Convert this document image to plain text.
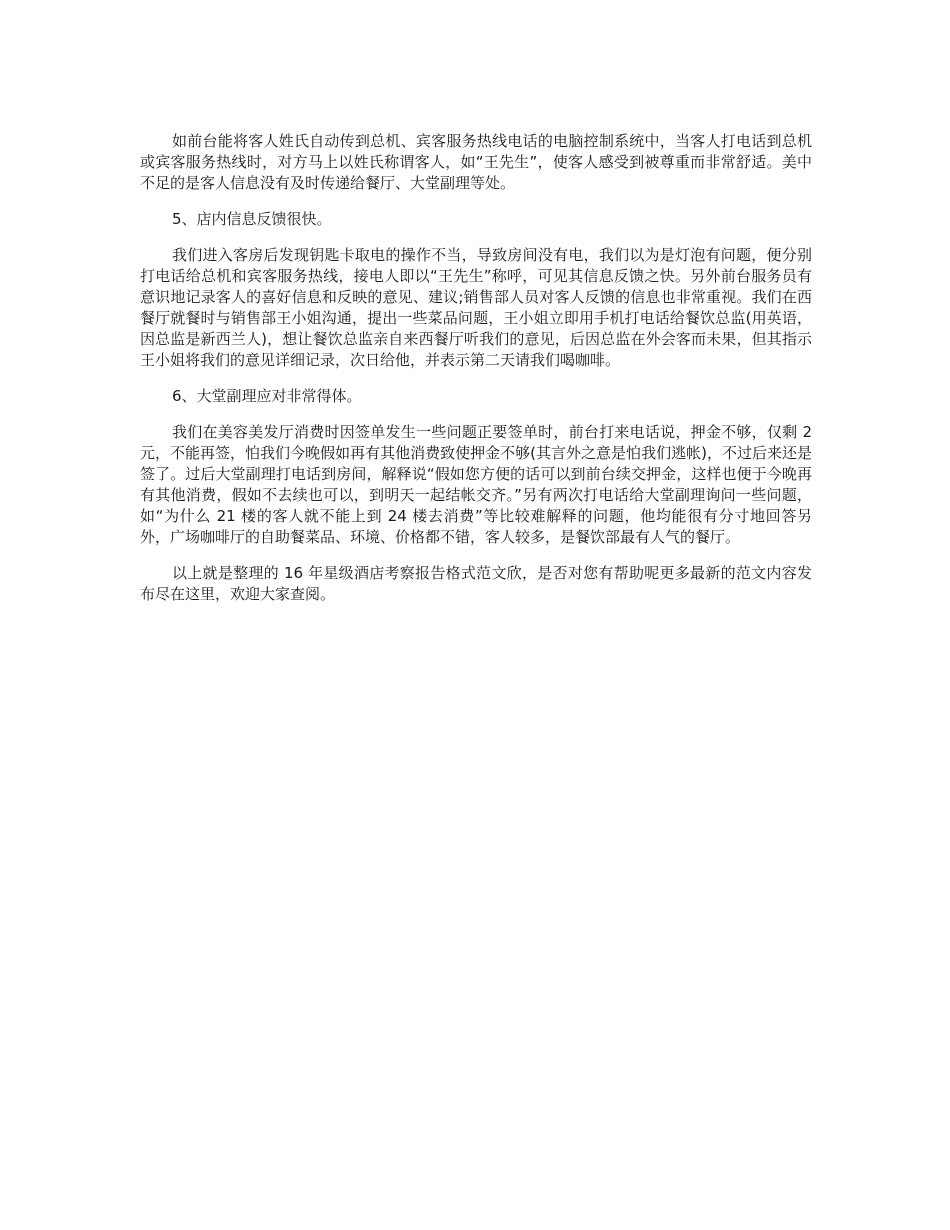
如前台能将客人姓氏自动传到总机、宾客服务热线电话的电脑控制系统中，当客人打电话到总机或宾客服务热线时，对方马上以姓氏称谓客人，如“王先生”，使客人感受到被尊重而非常舒适。美中不足的是客人信息没有及时传递给餐厅、大堂副理等处。

5、店内信息反馈很快。

我们进入客房后发现钥匙卡取电的操作不当，导致房间没有电，我们以为是灯泡有问题，便分别打电话给总机和宾客服务热线，接电人即以“王先生”称呼，可见其信息反馈之快。另外前台服务员有意识地记录客人的喜好信息和反映的意见、建议;销售部人员对客人反馈的信息也非常重视。我们在西餐厅就餐时与销售部王小姐沟通，提出一些菜品问题，王小姐立即用手机打电话给餐饮总监(用英语，因总监是新西兰人)，想让餐饮总监亲自来西餐厅听我们的意见，后因总监在外会客而未果，但其指示王小姐将我们的意见详细记录，次日给他，并表示第二天请我们喝咖啡。

6、大堂副理应对非常得体。

我们在美容美发厅消费时因签单发生一些问题正要签单时，前台打来电话说，押金不够，仅剩 2 元，不能再签，怕我们今晚假如再有其他消费致使押金不够(其言外之意是怕我们逃帐)，不过后来还是签了。过后大堂副理打电话到房间，解释说“假如您方便的话可以到前台续交押金，这样也便于今晚再有其他消费，假如不去续也可以，到明天一起结帐交齐。”另有两次打电话给大堂副理询问一些问题，如“为什么 21 楼的客人就不能上到 24 楼去消费”等比较难解释的问题，他均能很有分寸地回答另外，广场咖啡厅的自助餐菜品、环境、价格都不错，客人较多，是餐饮部最有人气的餐厅。

以上就是整理的 16 年星级酒店考察报告格式范文欣，是否对您有帮助呢更多最新的范文内容发布尽在这里，欢迎大家查阅。
